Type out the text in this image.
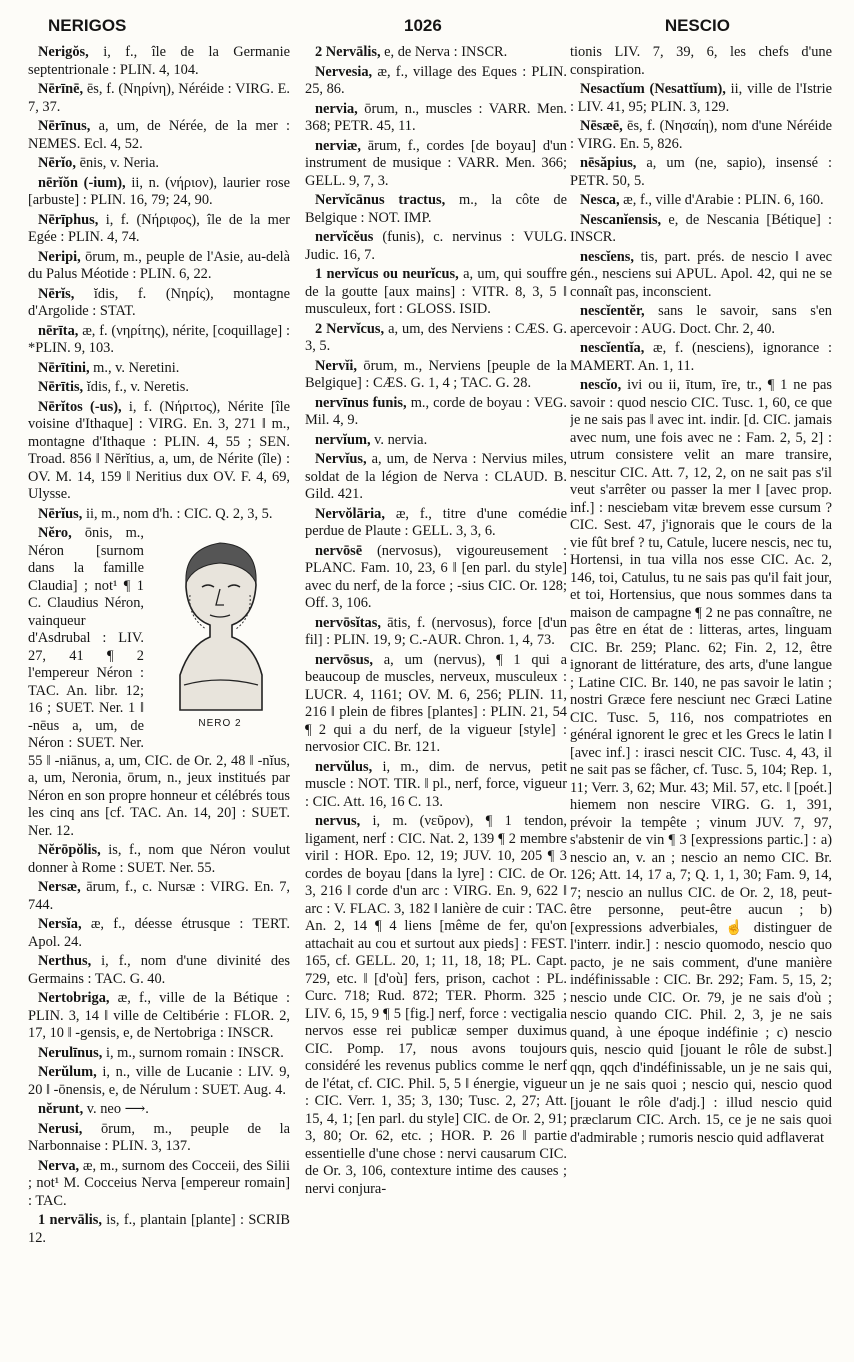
NERIGOS	1026	NESCIO
Nerigŏs, i, f., île de la Germanie septentrionale : PLIN. 4, 104.
Nērīnē, ēs, f. (Νηρίνη), Néréide : VIRG. E. 7, 37.
Nērīnus, a, um, de Nérée, de la mer : NEMES. Ecl. 4, 52.
Nērĭo, ēnis, v. Neria.
nērĭŏn (-ium), ii, n. (νήριον), laurier rose [arbuste] : PLIN. 16, 79; 24, 90.
Nērīphus, i, f. (Νήριφος), île de la mer Egée : PLIN. 4, 74.
Neripi, ōrum, m., peuple de l'Asie, au-delà du Palus Méotide : PLIN. 6, 22.
Nērĭs, ĭdis, f. (Νηρίς), montagne d'Argolide : STAT.
nērīta, æ, f. (νηρίτης), nérite, [coquillage] : *PLIN. 9, 103.
Nērītini, m., v. Neretini.
Nērītis, ĭdis, f., v. Neretis.
Nērĭtos (-us), i, f. (Νήριτος), Nérite [île voisine d'Ithaque] : VIRG. En. 3, 271 ‖ m., montagne d'Ithaque : PLIN. 4, 55 ; SEN. Troad. 856 ‖ Nērĭtius, a, um, de Nérite (île) : OV. M. 14, 159 ‖ Neritius dux OV. F. 4, 69, Ulysse.
Nērĭus, ii, m., nom d'h. : CIC. Q. 2, 3, 5.
NERO 2
Nĕro, ōnis, m., Néron [surnom dans la famille Claudia] ; not¹ ¶ 1 C. Claudius Néron, vainqueur d'Asdrubal : LIV. 27, 41 ¶ 2 l'empereur Néron : TAC. An. libr. 12; 16 ; SUET. Ner. 1 ‖ -nēus a, um, de Néron : SUET. Ner. 55 ‖ -niānus, a, um, CIC. de Or. 2, 48 ‖ -nĭus, a, um, Neronia, ōrum, n., jeux institués par Néron en son propre honneur et célébrés tous les cinq ans [cf. TAC. An. 14, 20] : SUET. Ner. 12.
Nĕrōpŏlis, is, f., nom que Néron voulut donner à Rome : SUET. Ner. 55.
Nersæ, ārum, f., c. Nursæ : VIRG. En. 7, 744.
Nersĭa, æ, f., déesse étrusque : TERT. Apol. 24.
Nerthus, i, f., nom d'une divinité des Germains : TAC. G. 40.
Nertobriga, æ, f., ville de la Bétique : PLIN. 3, 14 ‖ ville de Celtibérie : FLOR. 2, 17, 10 ‖ -gensis, e, de Nertobriga : INSCR.
Nerulīnus, i, m., surnom romain : INSCR.
Nerŭlum, i, n., ville de Lucanie : LIV. 9, 20 ‖ -ōnensis, e, de Nérulum : SUET. Aug. 4.
nĕrunt, v. neo ⟶.
Nerusi, ōrum, m., peuple de la Narbonnaise : PLIN. 3, 137.
Nerva, æ, m., surnom des Cocceii, des Silii ; not¹ M. Cocceius Nerva [empereur romain] : TAC.
1 nervālis, is, f., plantain [plante] : SCRIB 12.
2 Nervālis, e, de Nerva : INSCR.
Nervesia, æ, f., village des Eques : PLIN. 25, 86.
nervia, ōrum, n., muscles : VARR. Men. 368; PETR. 45, 11.
nerviæ, ārum, f., cordes [de boyau] d'un instrument de musique : VARR. Men. 366; GELL. 9, 7, 3.
Nervĭcānus tractus, m., la côte de Belgique : NOT. IMP.
nervĭcĕus (funis), c. nervinus : VULG. Judic. 16, 7.
1 nervĭcus ou neurĭcus, a, um, qui souffre de la goutte [aux mains] : VITR. 8, 3, 5 ‖ musculeux, fort : GLOSS. ISID.
2 Nervĭcus, a, um, des Nerviens : CÆS. G. 3, 5.
Nervĭi, ōrum, m., Nerviens [peuple de la Belgique] : CÆS. G. 1, 4 ; TAC. G. 28.
nervīnus funis, m., corde de boyau : VEG. Mil. 4, 9.
nervĭum, v. nervia.
Nervĭus, a, um, de Nerva : Nervius miles, soldat de la légion de Nerva : CLAUD. B. Gild. 421.
Nervŏlāria, æ, f., titre d'une comédie perdue de Plaute : GELL. 3, 3, 6.
nervōsē (nervosus), vigoureusement : PLANC. Fam. 10, 23, 6 ‖ [en parl. du style] avec du nerf, de la force ; -sius CIC. Or. 128; Off. 3, 106.
nervōsĭtas, ātis, f. (nervosus), force [d'un fil] : PLIN. 19, 9; C.-AUR. Chron. 1, 4, 73.
nervōsus, a, um (nervus), ¶ 1 qui a beaucoup de muscles, nerveux, musculeux : LUCR. 4, 1161; OV. M. 6, 256; PLIN. 11, 216 ‖ plein de fibres [plantes] : PLIN. 21, 54 ¶ 2 qui a du nerf, de la vigueur [style] : nervosior CIC. Br. 121.
nervŭlus, i, m., dim. de nervus, petit muscle : NOT. TIR. ‖ pl., nerf, force, vigueur : CIC. Att. 16, 16 C. 13.
nervus, i, m. (νεῦρον), ¶ 1 tendon, ligament, nerf : CIC. Nat. 2, 139 ¶ 2 membre viril : HOR. Epo. 12, 19; JUV. 10, 205 ¶ 3 cordes de boyau [dans la lyre] : CIC. de Or. 3, 216 ‖ corde d'un arc : VIRG. En. 9, 622 ‖ arc : V. FLAC. 3, 182 ‖ lanière de cuir : TAC. An. 2, 14 ¶ 4 liens [même de fer, qu'on attachait au cou et surtout aux pieds] : FEST. 165, cf. GELL. 20, 1; 11, 18, 18; PL. Capt. 729, etc. ‖ [d'où] fers, prison, cachot : PL. Curc. 718; Rud. 872; TER. Phorm. 325 ; LIV. 6, 15, 9 ¶ 5 [fig.] nerf, force : vectigalia nervos esse rei publicæ semper duximus CIC. Pomp. 17, nous avons toujours considéré les revenus publics comme le nerf de l'état, cf. CIC. Phil. 5, 5 ‖ énergie, vigueur : CIC. Verr. 1, 35; 3, 130; Tusc. 2, 27; Att. 15, 4, 1; [en parl. du style] CIC. de Or. 2, 91; 3, 80; Or. 62, etc. ; HOR. P. 26 ‖ partie essentielle d'une chose : nervi causarum CIC. de Or. 3, 106, contexture intime des causes ; nervi conjura-
tionis LIV. 7, 39, 6, les chefs d'une conspiration.
Nesactĭum (Nesattĭum), ii, ville de l'Istrie : LIV. 41, 95; PLIN. 3, 129.
Nēsæē, ēs, f. (Νησαίη), nom d'une Néréide : VIRG. En. 5, 826.
nēsăpius, a, um (ne, sapio), insensé : PETR. 50, 5.
Nesca, æ, f., ville d'Arabie : PLIN. 6, 160.
Nescanĭensis, e, de Nescania [Bétique] : INSCR.
nescĭens, tis, part. prés. de nescio ‖ avec gén., nesciens sui APUL. Apol. 42, qui ne se connaît pas, inconscient.
nescĭentĕr, sans le savoir, sans s'en apercevoir : AUG. Doct. Chr. 2, 40.
nescĭentĭa, æ, f. (nesciens), ignorance : MAMERT. An. 1, 11.
nescĭo, ivi ou ii, ītum, īre, tr., ¶ 1 ne pas savoir : quod nescio CIC. Tusc. 1, 60, ce que je ne sais pas ‖ avec int. indir. [d. CIC. jamais avec num, une fois avec ne : Fam. 2, 5, 2] : utrum consistere velit an mare transire, nescitur CIC. Att. 7, 12, 2, on ne sait pas s'il veut s'arrêter ou passer la mer ‖ [avec prop. inf.] : nesciebam vitæ brevem esse cursum ? CIC. Sest. 47, j'ignorais que le cours de la vie fût bref ? tu, Catule, lucere nescis, nec tu, Hortensi, in tua villa nos esse CIC. Ac. 2, 146, toi, Catulus, tu ne sais pas qu'il fait jour, et toi, Hortensius, que nous sommes dans ta maison de campagne ¶ 2 ne pas connaître, ne pas être en état de : litteras, artes, linguam CIC. Br. 259; Planc. 62; Fin. 2, 12, être ignorant de littérature, des arts, d'une langue ; Latine CIC. Br. 140, ne pas savoir le latin ; nostri Græce fere nesciunt nec Græci Latine CIC. Tusc. 5, 116, nos compatriotes en général ignorent le grec et les Grecs le latin ‖ [avec inf.] : irasci nescit CIC. Tusc. 4, 43, il ne sait pas se fâcher, cf. Tusc. 5, 104; Rep. 1, 11; Verr. 3, 62; Mur. 43; Mil. 57, etc. ‖ [poét.] hiemem non nescire VIRG. G. 1, 391, prévoir la tempête ; vinum JUV. 7, 97, s'abstenir de vin ¶ 3 [expressions partic.] : a) nescio an, v. an ; nescio an nemo CIC. Br. 126; Att. 14, 17 a, 7; Q. 1, 1, 30; Fam. 9, 14, 7; nescio an nullus CIC. de Or. 2, 18, peut-être personne, peut-être aucun ; b) [expressions adverbiales, ☝ distinguer de l'interr. indir.] : nescio quomodo, nescio quo pacto, je ne sais comment, d'une manière indéfinissable : CIC. Br. 292; Fam. 5, 15, 2; nescio unde CIC. Or. 79, je ne sais d'où ; nescio quando CIC. Phil. 2, 3, je ne sais quand, à une époque indéfinie ; c) nescio quis, nescio quid [jouant le rôle de subst.] qqn, qqch d'indéfinissable, un je ne sais qui, un je ne sais quoi ; nescio qui, nescio quod [jouant le rôle d'adj.] : illud nescio quid præclarum CIC. Arch. 15, ce je ne sais quoi d'admirable ; rumoris nescio quid adflaverat
